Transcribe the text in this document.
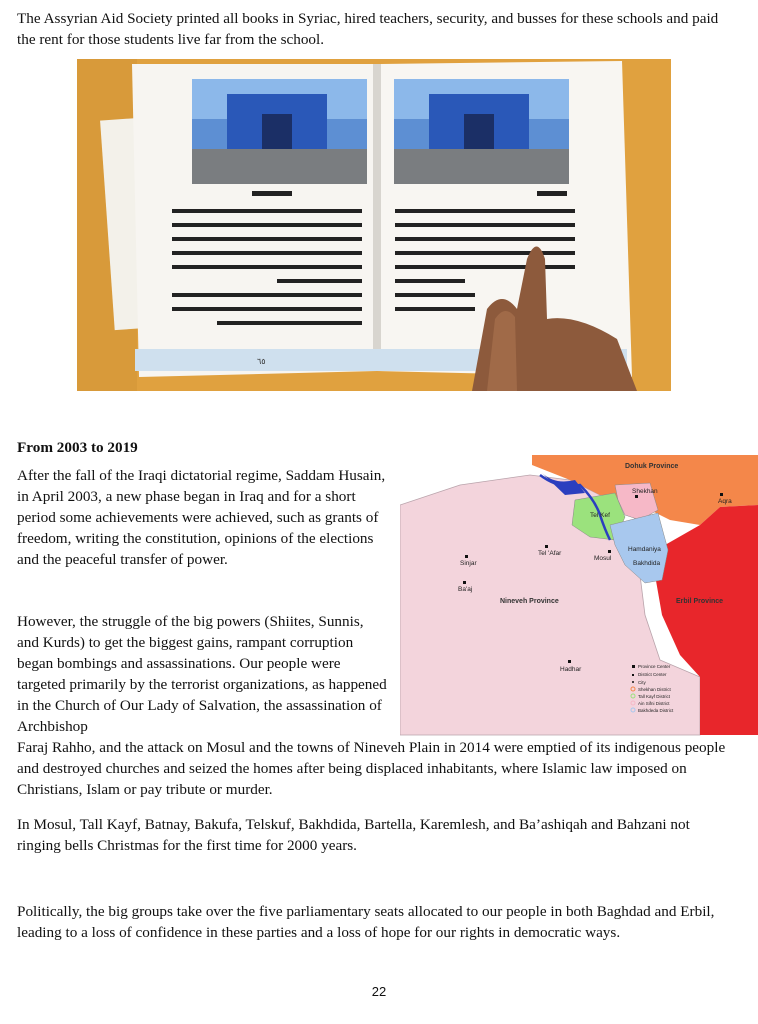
The Assyrian Aid Society printed all books in Syriac, hired teachers, security, and busses for these schools and paid the rent for those students live far from the school.

٦٥

From 2003 to 2019

After the fall of the Iraqi dictatorial regime, Saddam Husain, in April 2003, a new phase began in Iraq and for a short period some achievements were achieved, such as grants of freedom, writing the constitution, opinions of the elections and the peaceful transfer of power.

However, the struggle of the big powers (Shiites, Sunnis, and Kurds) to get the biggest gains, rampant corruption began bombings and assassinations. Our people were targeted primarily by the terrorist organizations, as happened in the Church of Our Lady of Salvation, the assassination of Archbishop

Faraj Rahho, and the attack on Mosul and the towns of Nineveh Plain in 2014 were emptied of its indigenous people and destroyed churches and seized the homes after being displaced inhabitants, where Islamic law imposed on Christians, Islam or pay tribute or murder.

In Mosul, Tall Kayf, Batnay, Bakufa, Telskuf, Bakhdida, Bartella, Karemlesh, and Ba’ashiqah and Bahzani not ringing bells Christmas for the first time for 2000 years.

Politically, the big groups take over the five parliamentary seats allocated to our people in both Baghdad and Erbil, leading to a loss of confidence in these parties and a loss of hope for our rights in democratic ways.

Dohuk Province
Nineveh Province	Erbil Province
Shekhan
Tel Kef
Hamdaniya
Bakhdida
Mosul
Tel 'Afar
Sinjar
Ba'aj
Hadhar
Aqra
Province Center
District Center
City
Shekhan District
Tall Kayf District
Ain Sifni District
Bakhdeda District
22
